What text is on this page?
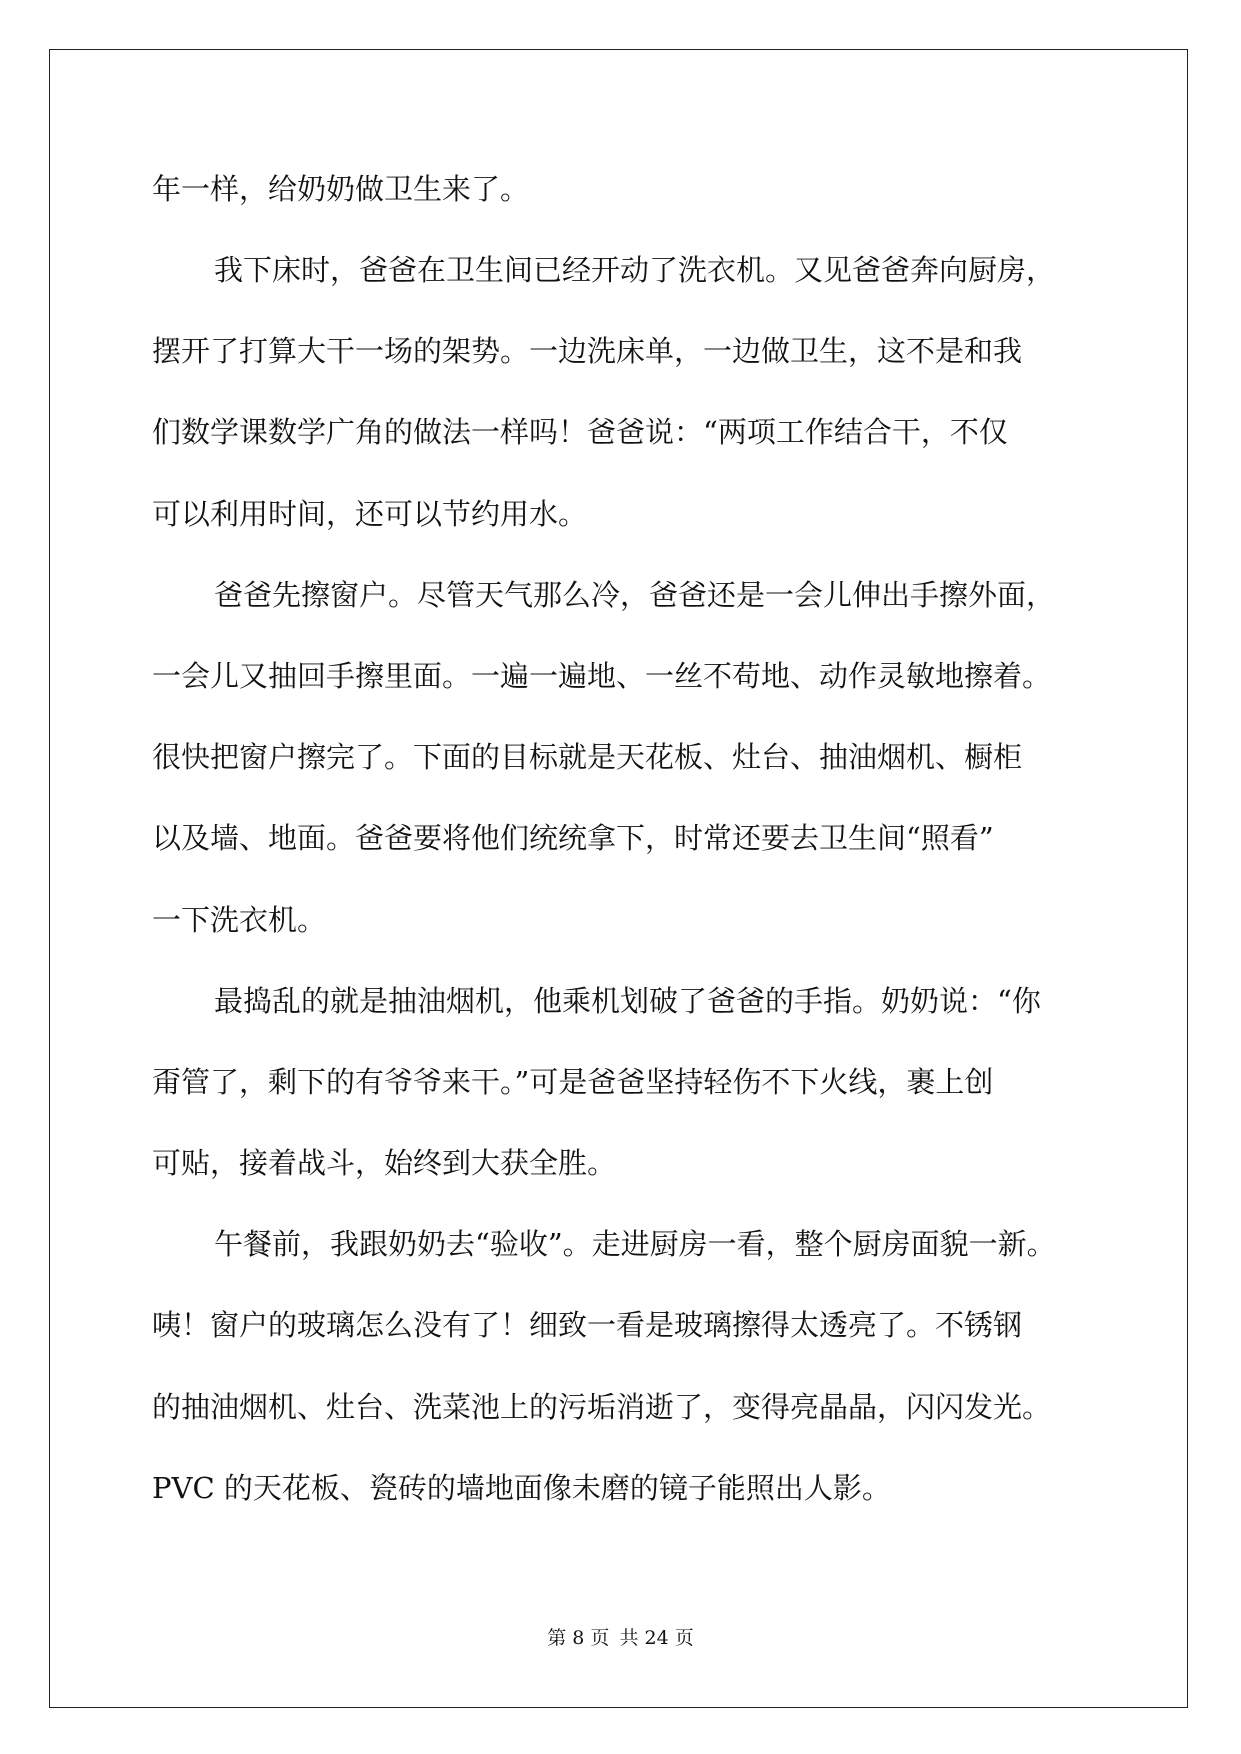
年一样，给奶奶做卫生来了。
我下床时，爸爸在卫生间已经开动了洗衣机。又见爸爸奔向厨房，
摆开了打算大干一场的架势。一边洗床单，一边做卫生，这不是和我
们数学课数学广角的做法一样吗！爸爸说：“两项工作结合干，不仅
可以利用时间，还可以节约用水。
爸爸先擦窗户。尽管天气那么冷，爸爸还是一会儿伸出手擦外面，
一会儿又抽回手擦里面。一遍一遍地、一丝不苟地、动作灵敏地擦着。
很快把窗户擦完了。下面的目标就是天花板、灶台、抽油烟机、橱柜
以及墙、地面。爸爸要将他们统统拿下，时常还要去卫生间“照看”
一下洗衣机。
最捣乱的就是抽油烟机，他乘机划破了爸爸的手指。奶奶说：“你
甭管了，剩下的有爷爷来干。”可是爸爸坚持轻伤不下火线，裹上创
可贴，接着战斗，始终到大获全胜。
午餐前，我跟奶奶去“验收”。走进厨房一看，整个厨房面貌一新。
咦！窗户的玻璃怎么没有了！细致一看是玻璃擦得太透亮了。不锈钢
的抽油烟机、灶台、洗菜池上的污垢消逝了，变得亮晶晶，闪闪发光。
PVC 的天花板、瓷砖的墙地面像未磨的镜子能照出人影。
第 8 页 共 24 页
